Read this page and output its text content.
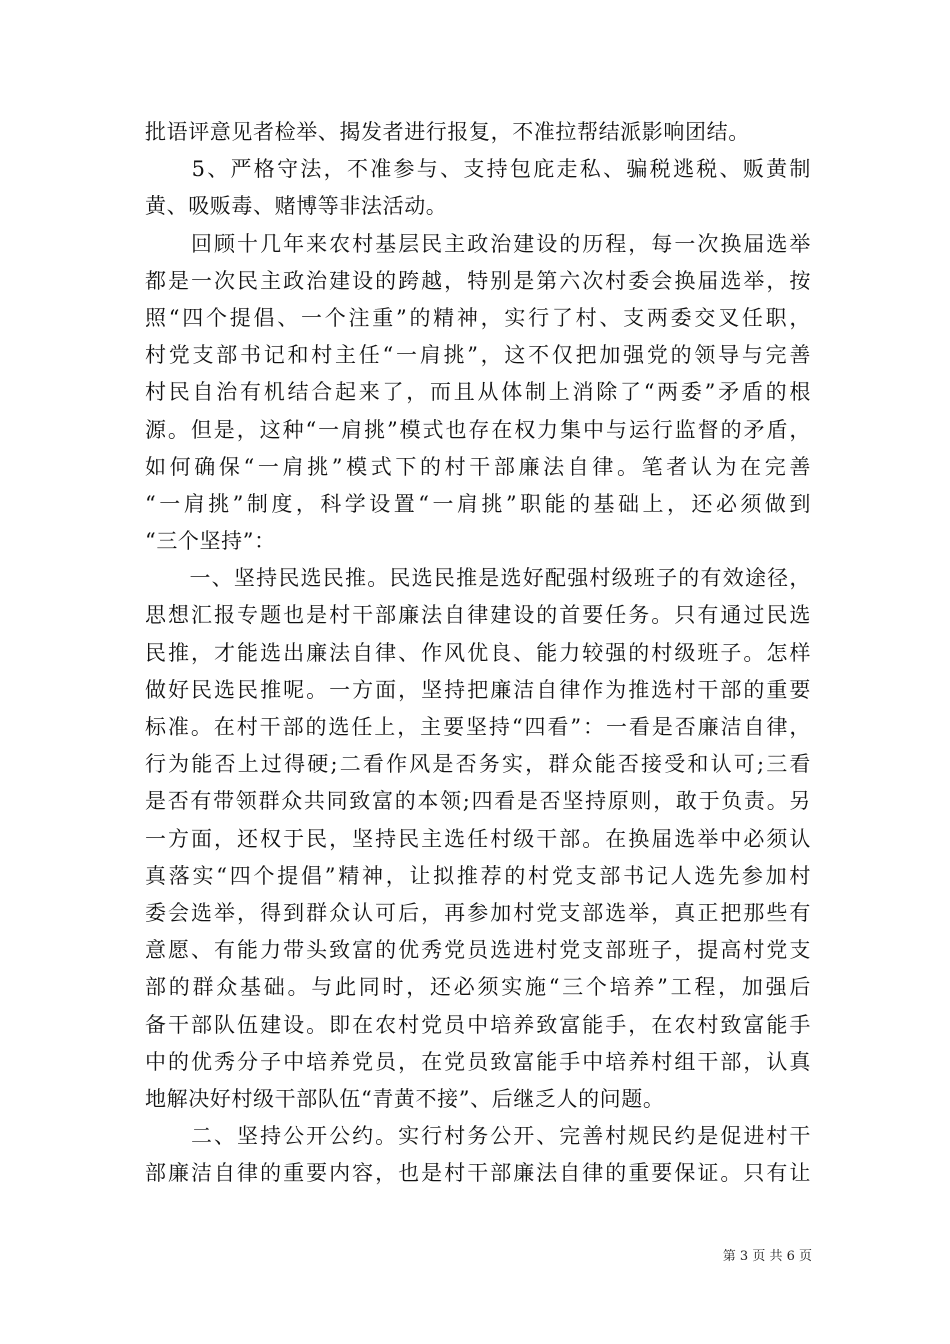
批语评意见者检举、揭发者进行报复，不准拉帮结派影响团结。
　　5、严格守法，不准参与、支持包庇走私、骗税逃税、贩黄制
黄、吸贩毒、赌博等非法活动。
　　回顾十几年来农村基层民主政治建设的历程，每一次换届选举
都是一次民主政治建设的跨越，特别是第六次村委会换届选举，按
照“四个提倡、一个注重”的精神，实行了村、支两委交叉任职，
村党支部书记和村主任“一肩挑”，这不仅把加强党的领导与完善
村民自治有机结合起来了，而且从体制上消除了“两委”矛盾的根
源。但是，这种“一肩挑”模式也存在权力集中与运行监督的矛盾，
如何确保“一肩挑”模式下的村干部廉法自律。笔者认为在完善
“一肩挑”制度，科学设置“一肩挑”职能的基础上，还必须做到
“三个坚持”：
　　一、坚持民选民推。民选民推是选好配强村级班子的有效途径，
思想汇报专题也是村干部廉法自律建设的首要任务。只有通过民选
民推，才能选出廉法自律、作风优良、能力较强的村级班子。怎样
做好民选民推呢。一方面，坚持把廉洁自律作为推选村干部的重要
标准。在村干部的选任上，主要坚持“四看”：一看是否廉洁自律，
行为能否上过得硬;二看作风是否务实，群众能否接受和认可;三看
是否有带领群众共同致富的本领;四看是否坚持原则，敢于负责。另
一方面，还权于民，坚持民主选任村级干部。在换届选举中必须认
真落实“四个提倡”精神，让拟推荐的村党支部书记人选先参加村
委会选举，得到群众认可后，再参加村党支部选举，真正把那些有
意愿、有能力带头致富的优秀党员选进村党支部班子，提高村党支
部的群众基础。与此同时，还必须实施“三个培养”工程，加强后
备干部队伍建设。即在农村党员中培养致富能手，在农村致富能手
中的优秀分子中培养党员，在党员致富能手中培养村组干部，认真
地解决好村级干部队伍“青黄不接”、后继乏人的问题。
　　二、坚持公开公约。实行村务公开、完善村规民约是促进村干
部廉洁自律的重要内容，也是村干部廉法自律的重要保证。只有让
第 3 页 共 6 页
